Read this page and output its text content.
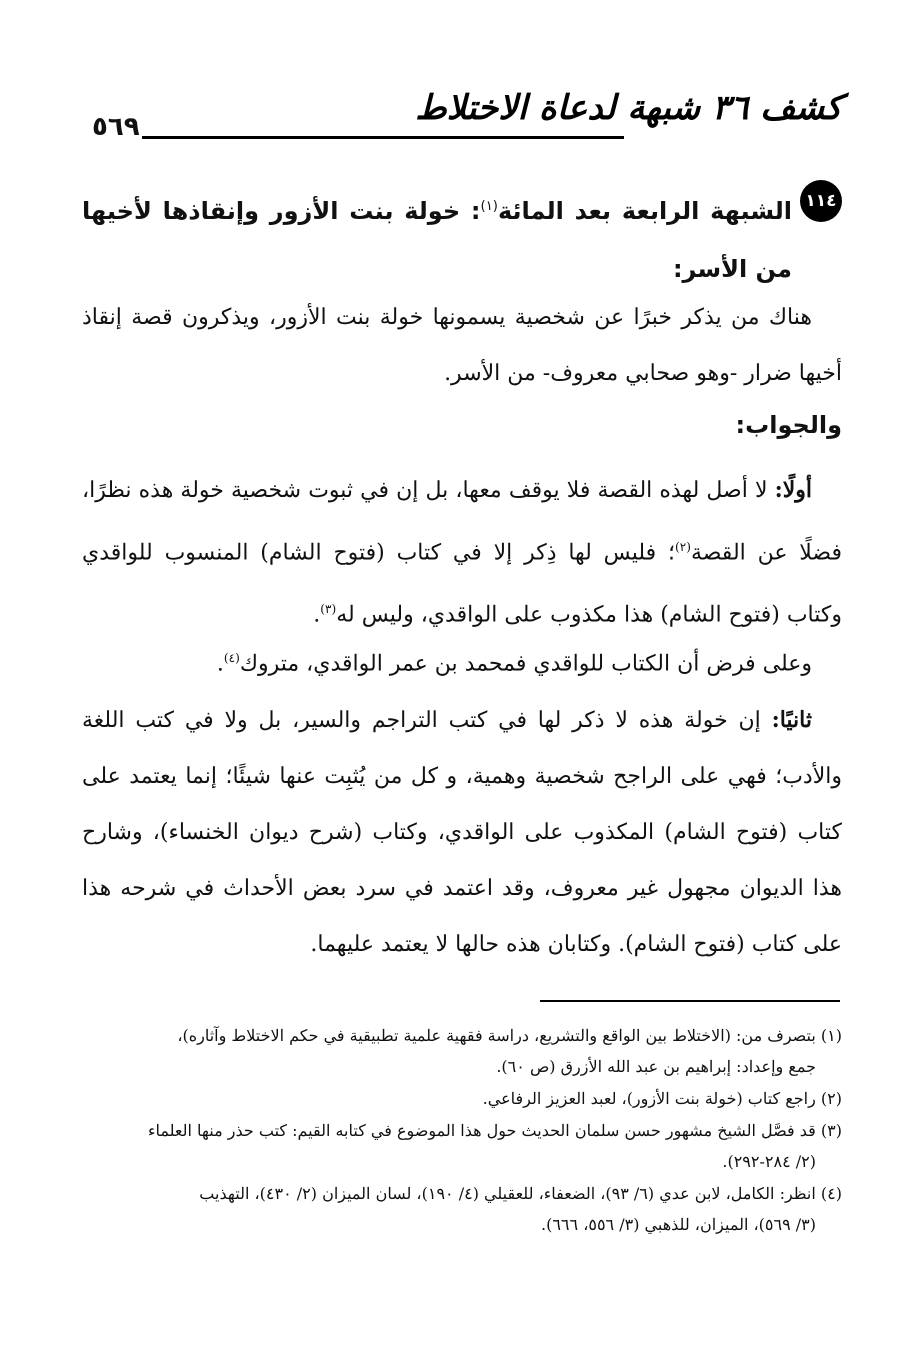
كشف ٣٦ شبهة لدعاة الاختلاط
٥٦٩
١١٤
الشبهة الرابعة بعد المائة$^{(١)}$: خولة بنت الأزور وإنقاذها لأخيها من الأسر:
هناك من يذكر خبرًا عن شخصية يسمونها خولة بنت الأزور، ويذكرون قصة إنقاذ أخيها ضرار -وهو صحابي معروف- من الأسر.
والجواب:
أولًا: لا أصل لهذه القصة فلا يوقف معها، بل إن في ثبوت شخصية خولة هذه نظرًا، فضلًا عن القصة$^{(٢)}$؛ فليس لها ذِكر إلا في كتاب (فتوح الشام) المنسوب للواقدي وكتاب (فتوح الشام) هذا مكذوب على الواقدي، وليس له$^{(٣)}$.
وعلى فرض أن الكتاب للواقدي فمحمد بن عمر الواقدي، متروك$^{(٤)}$.
ثانيًا: إن خولة هذه لا ذكر لها في كتب التراجم والسير، بل ولا في كتب اللغة والأدب؛ فهي على الراجح شخصية وهمية، و كل من يُثبِت عنها شيئًا؛ إنما يعتمد على كتاب (فتوح الشام) المكذوب على الواقدي، وكتاب (شرح ديوان الخنساء)، وشارح هذا الديوان مجهول غير معروف، وقد اعتمد في سرد بعض الأحداث في شرحه هذا على كتاب (فتوح الشام). وكتابان هذه حالها لا يعتمد عليهما.
(١) بتصرف من: (الاختلاط بين الواقع والتشريع، دراسة فقهية علمية تطبيقية في حكم الاختلاط وآثاره)،
جمع وإعداد: إبراهيم بن عبد الله الأزرق (ص ٦٠).
(٢) راجع كتاب (خولة بنت الأزور)، لعبد العزيز الرفاعي.
(٣) قد فصَّل الشيخ مشهور حسن سلمان الحديث حول هذا الموضوع في كتابه القيم: كتب حذر منها العلماء
(٢/ ٢٨٤-٢٩٢).
(٤) انظر: الكامل، لابن عدي (٦/ ٩٣)، الضعفاء، للعقيلي (٤/ ١٩٠)، لسان الميزان (٢/ ٤٣٠)، التهذيب
(٣/ ٥٦٩)، الميزان، للذهبي (٣/ ٥٥٦، ٦٦٦).
